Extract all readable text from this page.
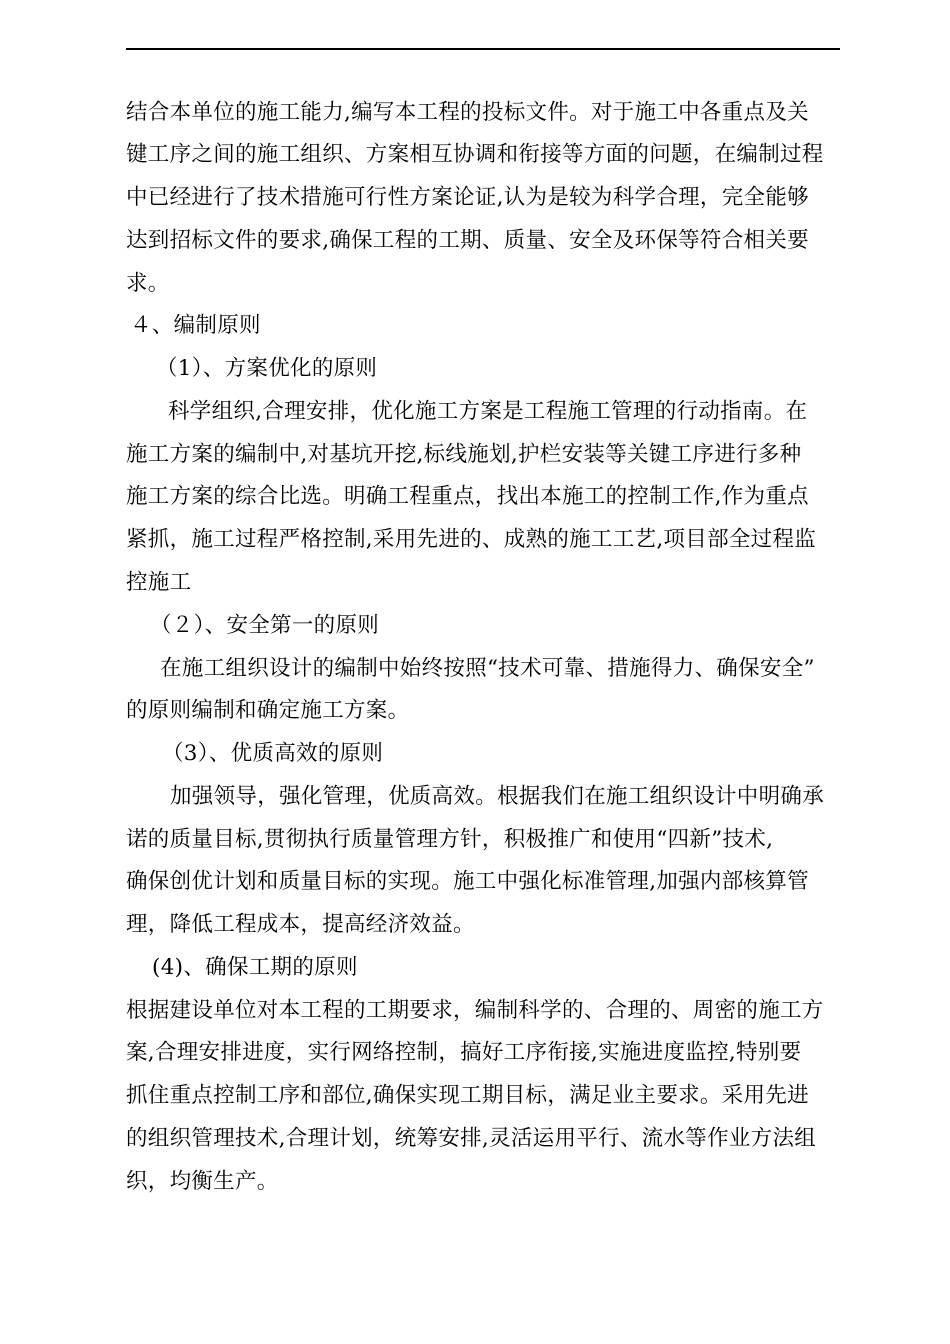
结合本单位的施工能力,编写本工程的投标文件。对于施工中各重点及关
键工序之间的施工组织、方案相互协调和衔接等方面的问题，在编制过程
中已经进行了技术措施可行性方案论证,认为是较为科学合理，完全能够
达到招标文件的要求,确保工程的工期、质量、安全及环保等符合相关要
求。
４、编制原则
（1）、方案优化的原则
科学组织,合理安排，优化施工方案是工程施工管理的行动指南。在
施工方案的编制中,对基坑开挖,标线施划,护栏安装等关键工序进行多种
施工方案的综合比选。明确工程重点，找出本施工的控制工作,作为重点
紧抓，施工过程严格控制,采用先进的、成熟的施工工艺,项目部全过程监
控施工
（２）、安全第一的原则
在施工组织设计的编制中始终按照“技术可靠、措施得力、确保安全”
的原则编制和确定施工方案。
（3）、优质高效的原则
加强领导，强化管理，优质高效。根据我们在施工组织设计中明确承
诺的质量目标,贯彻执行质量管理方针，积极推广和使用“四新”技术,
确保创优计划和质量目标的实现。施工中强化标准管理,加强内部核算管
理，降低工程成本，提高经济效益。
(4)、确保工期的原则
根据建设单位对本工程的工期要求，编制科学的、合理的、周密的施工方
案,合理安排进度，实行网络控制，搞好工序衔接,实施进度监控,特别要
抓住重点控制工序和部位,确保实现工期目标，满足业主要求。采用先进
的组织管理技术,合理计划，统筹安排,灵活运用平行、流水等作业方法组
织，均衡生产。
